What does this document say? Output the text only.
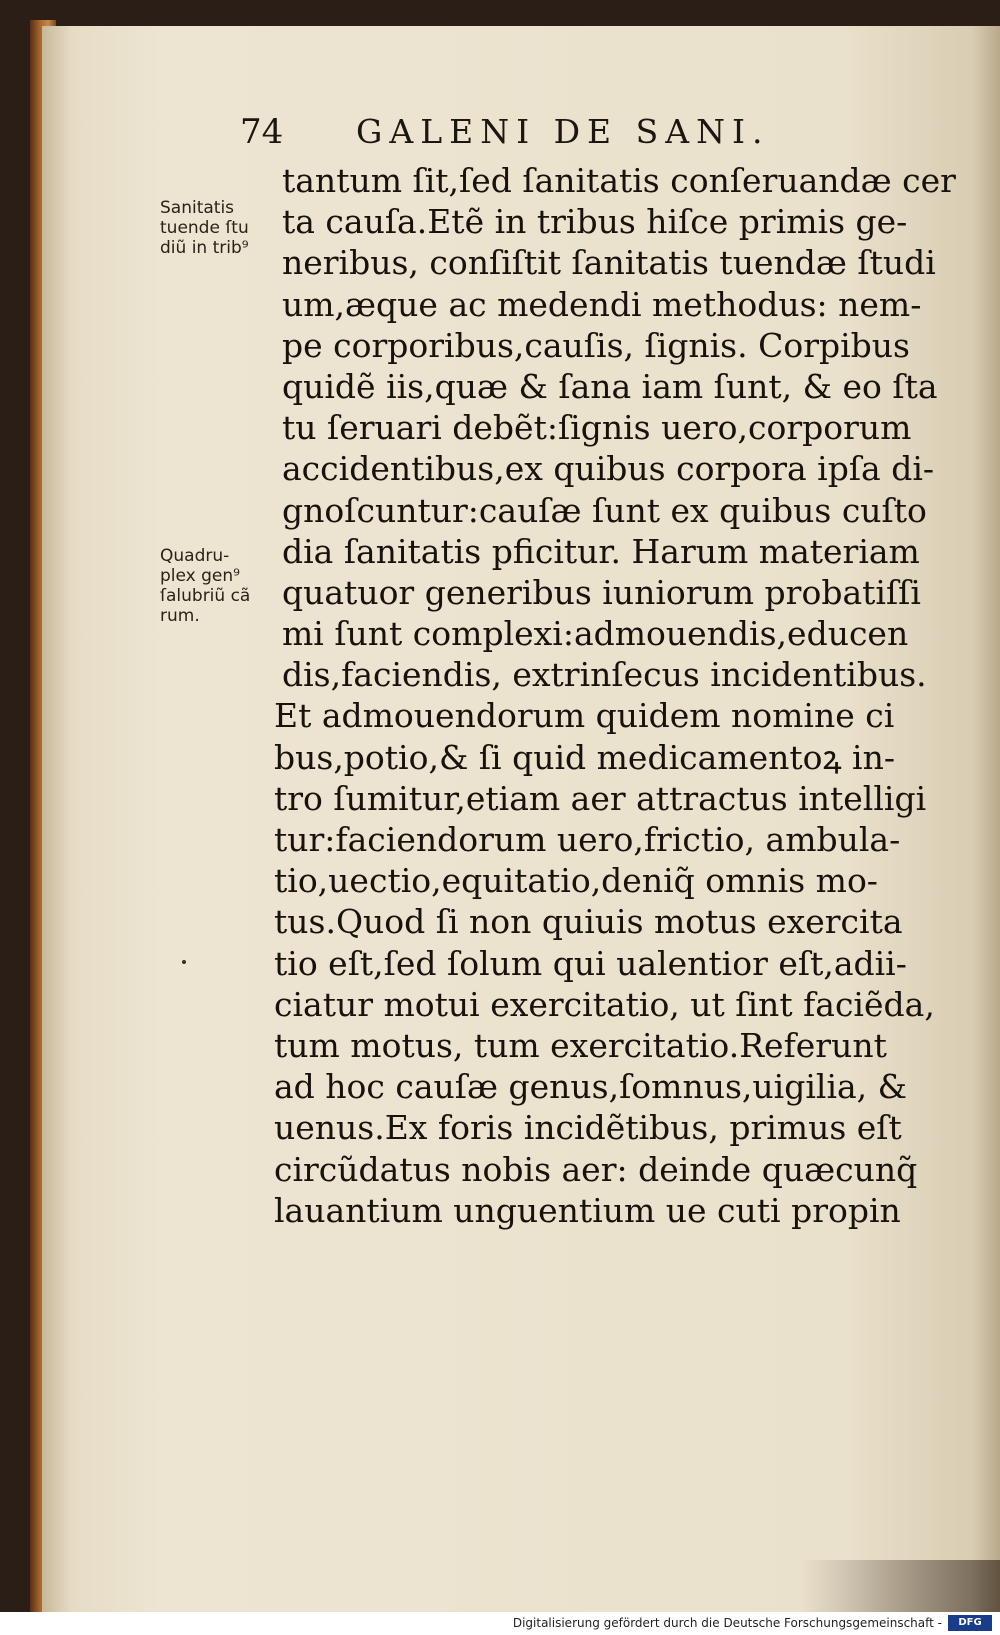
74 GALENI DE SANI.
Sanitatis
tuende ſtu
diũ in trib⁹
Quadru-
plex gen⁹
ſalubriũ cã
rum.
tantum ſit,ſed ſanitatis conſeruandæ cer
ta cauſa.Etẽ in tribus hiſce primis ge-
neribus, conſiſtit ſanitatis tuendæ ſtudi
um,æque ac medendi methodus: nem-
pe corporibus,cauſis, ſignis. Corpibus
quidẽ iis,quæ & ſana iam ſunt, & eo ſta
tu ſeruari debẽt:ſignis uero,corporum
accidentibus,ex quibus corpora ipſa di-
gnoſcuntur:cauſæ ſunt ex quibus cuſto
dia ſanitatis pficitur. Harum materiam
quatuor generibus iuniorum probatiſſi
mi ſunt complexi:admouendis,educen
dis,faciendis, extrinſecus incidentibus.
Et admouendorum quidem nomine ci
bus,potio,& ſi quid medicamentoꝝ in-
tro ſumitur,etiam aer attractus intelligi
tur:faciendorum uero,frictio, ambula-
tio,uectio,equitatio,deniq̃ omnis mo-
tus.Quod ſi non quiuis motus exercita
tio eſt,ſed ſolum qui ualentior eſt,adii-
ciatur motui exercitatio, ut ſint faciẽda,
tum motus, tum exercitatio.Referunt
ad hoc cauſæ genus,ſomnus,uigilia, &
uenus.Ex foris incidẽtibus, primus eſt
circũdatus nobis aer: deinde quæcunq̃
lauantium unguentium ue cuti propin
Digitalisierung gefördert durch die Deutsche Forschungsgemeinschaft -	DFG
